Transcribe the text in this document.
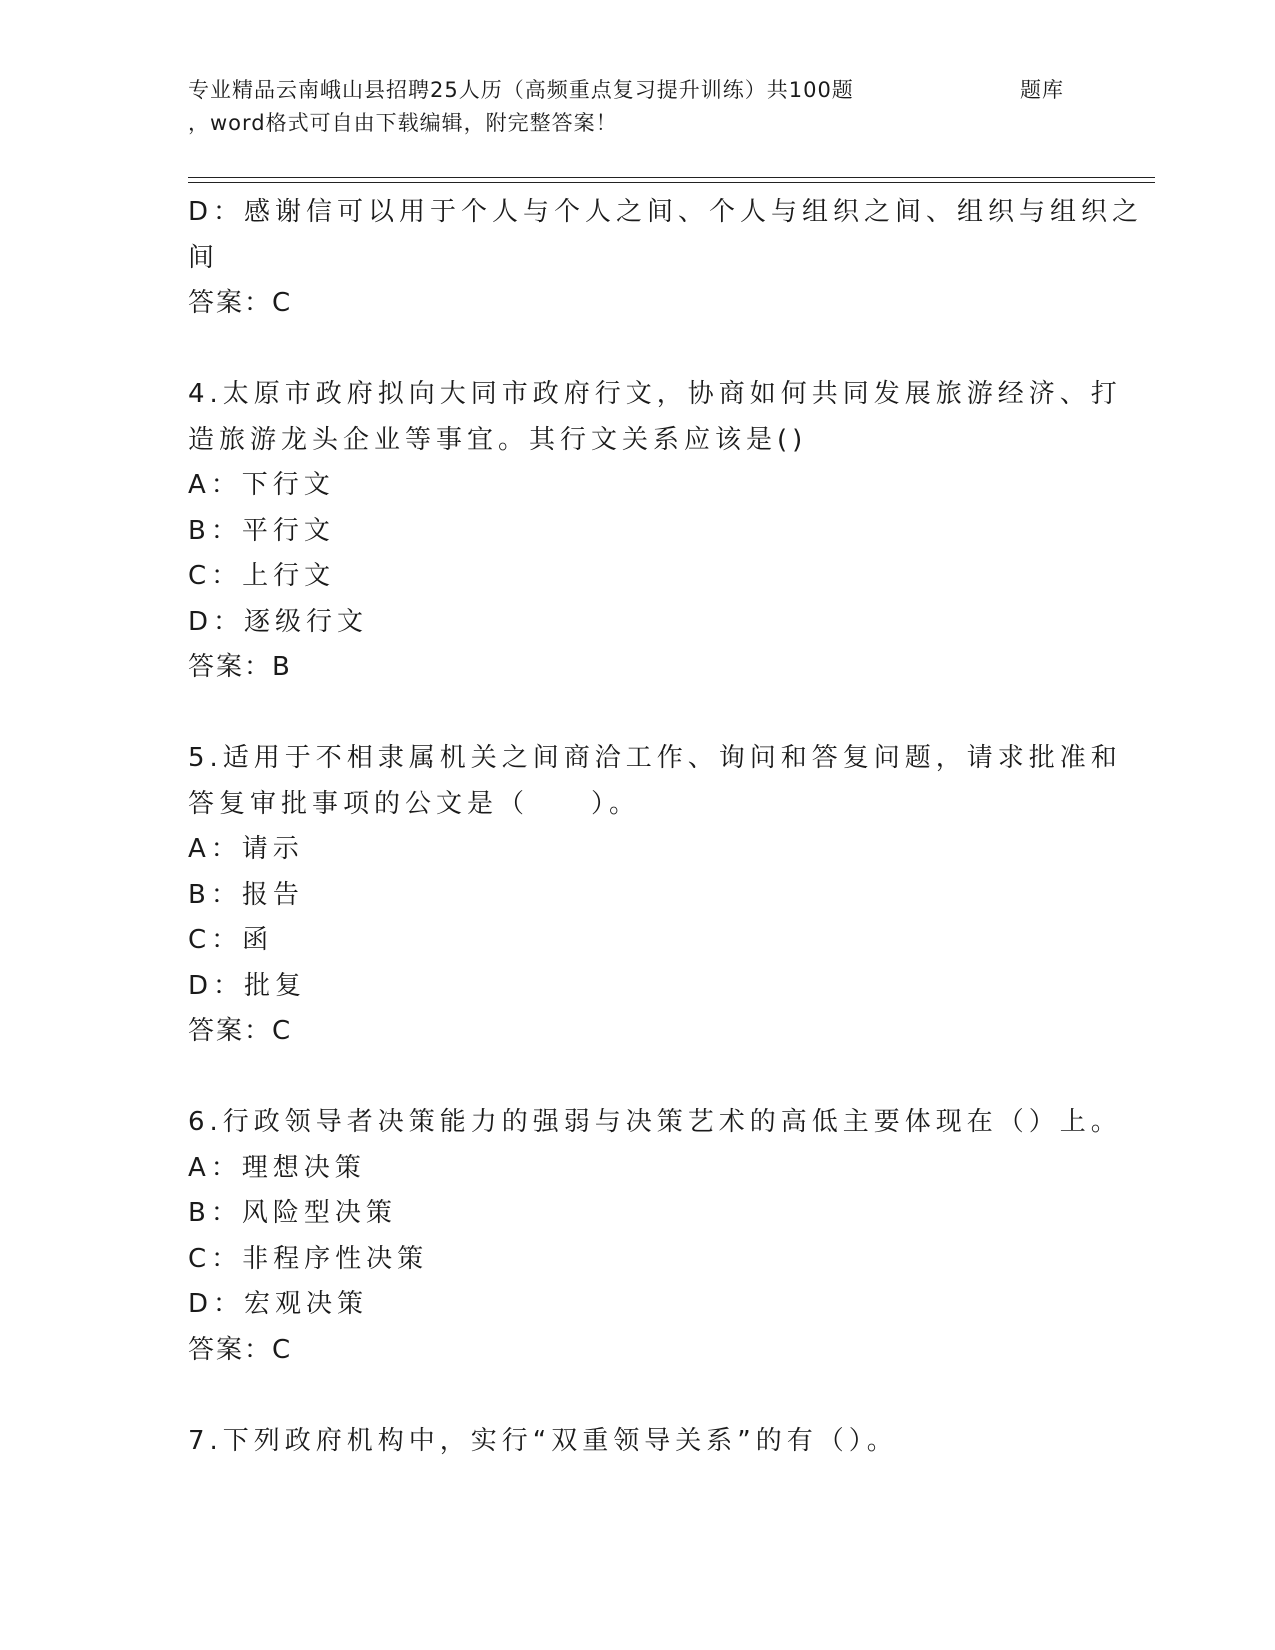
专业精品云南峨山县招聘25人历（高频重点复习提升训练）共100题	题库
，word格式可自由下载编辑，附完整答案！
D：感谢信可以用于个人与个人之间、个人与组织之间、组织与组织之
间
答案：C
4.太原市政府拟向大同市政府行文，协商如何共同发展旅游经济、打
造旅游龙头企业等事宜。其行文关系应该是()
A：下行文
B：平行文
C：上行文
D：逐级行文
答案：B
5.适用于不相隶属机关之间商洽工作、询问和答复问题，请求批准和
答复审批事项的公文是（　　）。
A：请示
B：报告
C：函
D：批复
答案：C
6.行政领导者决策能力的强弱与决策艺术的高低主要体现在（）上。
A：理想决策
B：风险型决策
C：非程序性决策
D：宏观决策
答案：C
7.下列政府机构中，实行“双重领导关系”的有（）。
